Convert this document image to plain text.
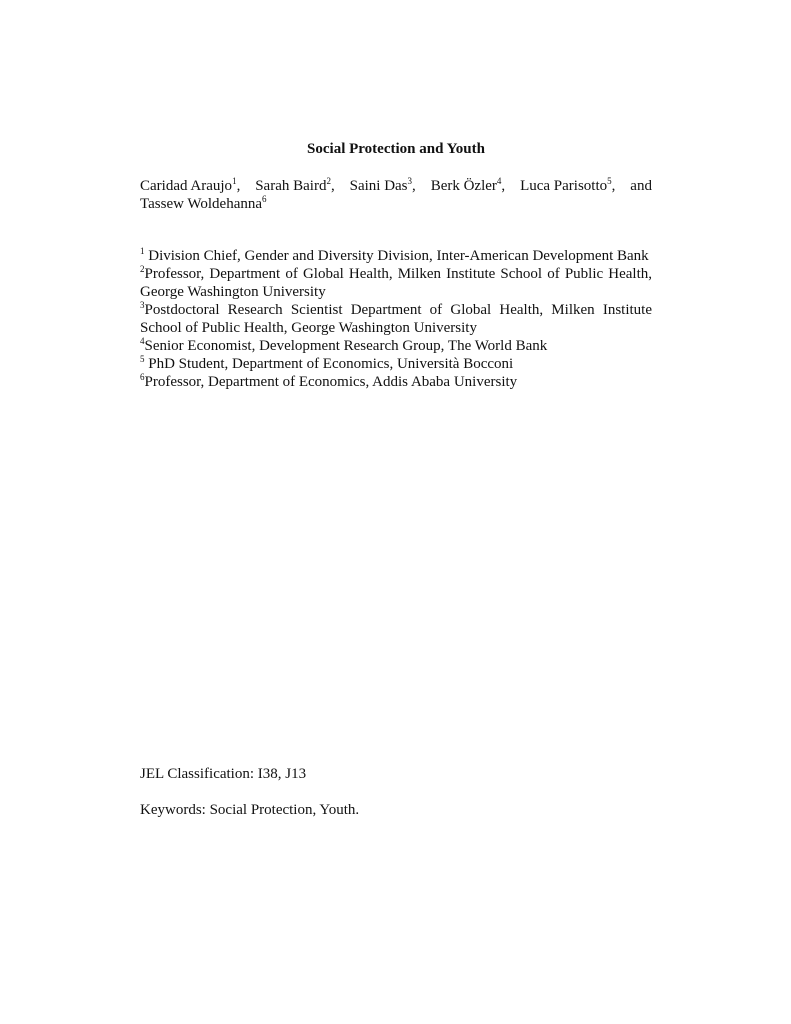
Social Protection and Youth
Caridad Araujo$^1$, Sarah Baird$^2$, Saini Das$^3$, Berk Özler$^4$, Luca Parisotto$^5$, and
Tassew Woldehanna$^6$

$^1$ Division Chief, Gender and Diversity Division, Inter-American Development Bank

$^2$Professor, Department of Global Health, Milken Institute School of Public Health, George Washington University

$^3$Postdoctoral Research Scientist Department of Global Health, Milken Institute School of Public Health, George Washington University

$^4$Senior Economist, Development Research Group, The World Bank

$^5$ PhD Student, Department of Economics, Università Bocconi

$^6$Professor, Department of Economics, Addis Ababa University

JEL Classification: I38, J13
Keywords: Social Protection, Youth.
